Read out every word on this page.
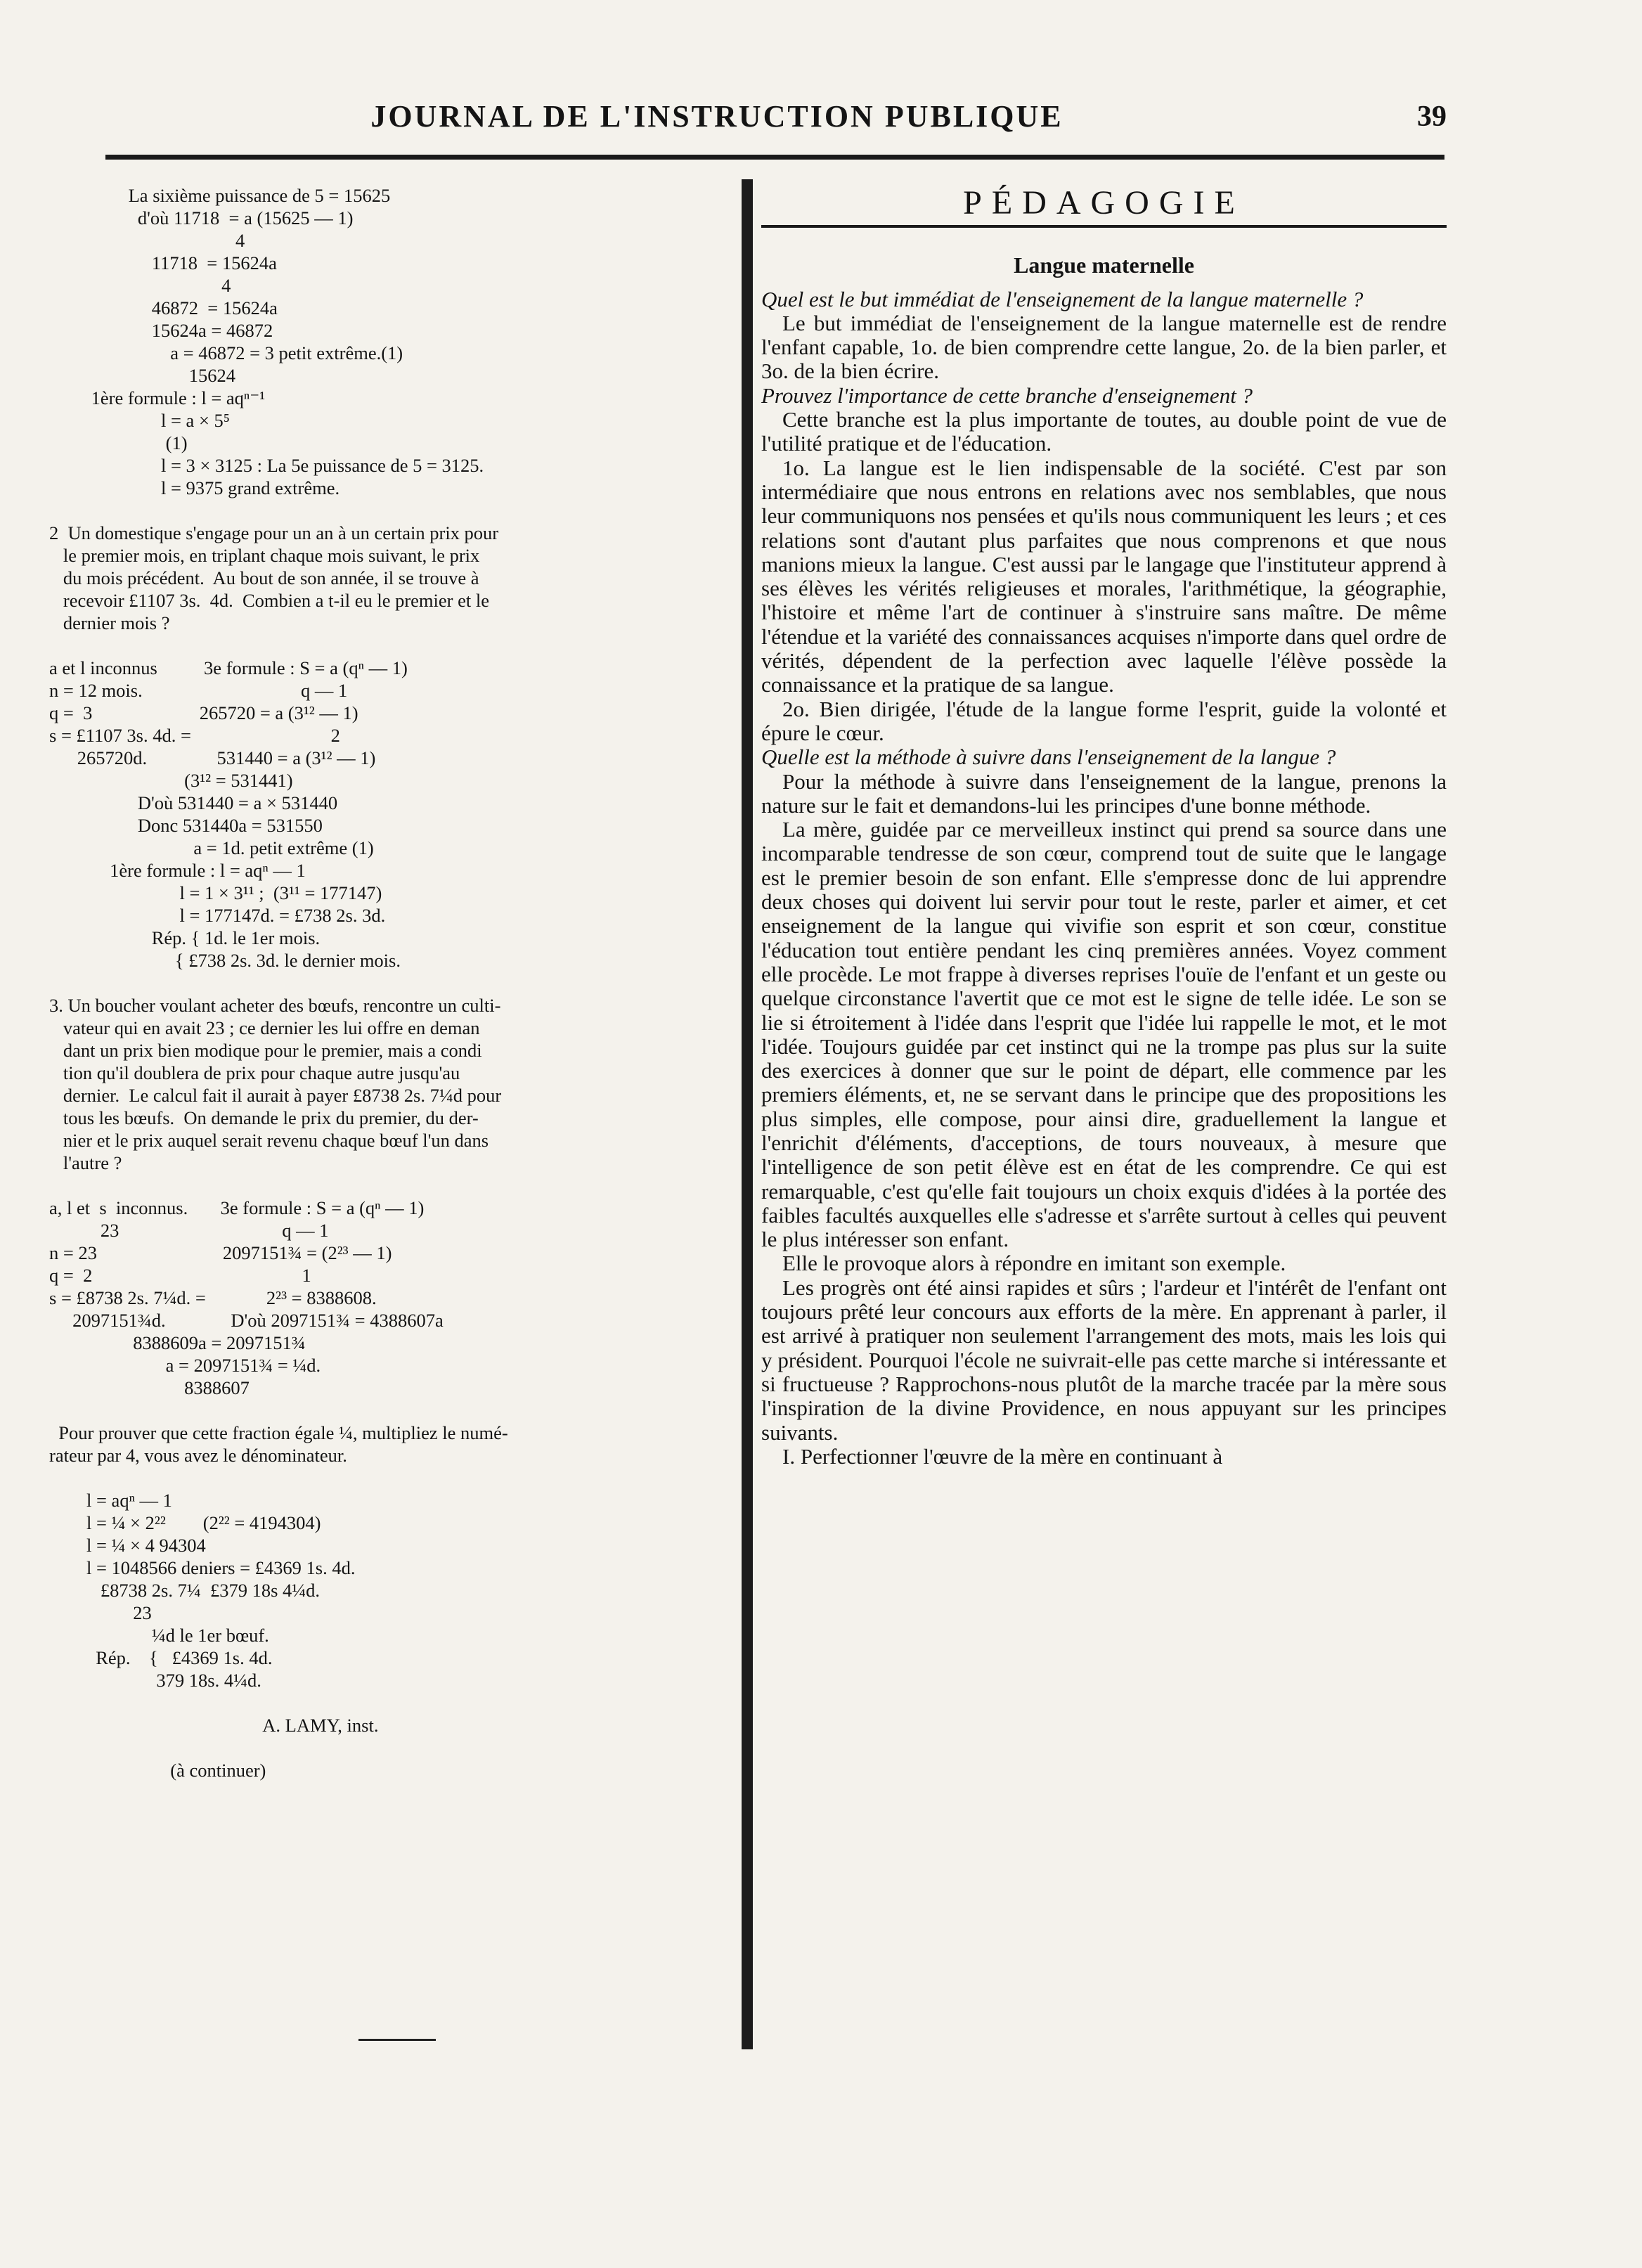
JOURNAL DE L'INSTRUCTION PUBLIQUE	39
La sixième puissance de 5 = 15625
d'où 11718  = a (15625 — 1)
4
11718  = 15624a
4
46872  = 15624a
15624a = 46872
a = 46872 = 3 petit extrême.(1)
15624
1ère formule : l = aqⁿ⁻¹
l = a × 5⁵
(1)
l = 3 × 3125 : La 5e puissance de 5 = 3125.
l = 9375 grand extrême.
2  Un domestique s'engage pour un an à un certain prix pour
le premier mois, en triplant chaque mois suivant, le prix
du mois précédent.  Au bout de son année, il se trouve à
recevoir £1107 3s.  4d.  Combien a t-il eu le premier et le
dernier mois ?
a et l inconnus          3e formule : S = a (qⁿ — 1)
n = 12 mois.                                  q — 1
q =  3                       265720 = a (3¹² — 1)
s = £1107 3s. 4d. =                              2
265720d.               531440 = a (3¹² — 1)
(3¹² = 531441)
D'où 531440 = a × 531440
Donc 531440a = 531550
a = 1d. petit extrême (1)
1ère formule : l = aqⁿ — 1
l = 1 × 3¹¹ ;  (3¹¹ = 177147)
l = 177147d. = £738 2s. 3d.
Rép. { 1d. le 1er mois.
{ £738 2s. 3d. le dernier mois.
3. Un boucher voulant acheter des bœufs, rencontre un culti-
vateur qui en avait 23 ; ce dernier les lui offre en deman
dant un prix bien modique pour le premier, mais a condi
tion qu'il doublera de prix pour chaque autre jusqu'au
dernier.  Le calcul fait il aurait à payer £8738 2s. 7¼d pour
tous les bœufs.  On demande le prix du premier, du der-
nier et le prix auquel serait revenu chaque bœuf l'un dans
l'autre ?
a, l et  s  inconnus.       3e formule : S = a (qⁿ — 1)
23                                   q — 1
n = 23                           2097151¾ = (2²³ — 1)
q =  2                                             1
s = £8738 2s. 7¼d. =             2²³ = 8388608.
2097151¾d.              D'où 2097151¾ = 4388607a
8388609a = 2097151¾
a = 2097151¾ = ¼d.
8388607
Pour prouver que cette fraction égale ¼, multipliez le numé-
rateur par 4, vous avez le dénominateur.
l = aqⁿ — 1
l = ¼ × 2²²        (2²² = 4194304)
l = ¼ × 4 94304
l = 1048566 deniers = £4369 1s. 4d.
£8738 2s. 7¼  £379 18s 4¼d.
23
¼d le 1er bœuf.
Rép.    {   £4369 1s. 4d.
379 18s. 4¼d.
A. LAMY, inst.
(à continuer)
PÉDAGOGIE
Langue maternelle

Quel est le but immédiat de l'enseignement de la langue maternelle ?

Le but immédiat de l'enseignement de la langue maternelle est de rendre l'enfant capable, 1o. de bien comprendre cette langue, 2o. de la bien parler, et 3o. de la bien écrire.

Prouvez l'importance de cette branche d'enseignement ?

Cette branche est la plus importante de toutes, au double point de vue de l'utilité pratique et de l'éducation.

1o. La langue est le lien indispensable de la société. C'est par son intermédiaire que nous entrons en relations avec nos semblables, que nous leur communiquons nos pensées et qu'ils nous communiquent les leurs ; et ces relations sont d'autant plus parfaites que nous comprenons et que nous manions mieux la langue. C'est aussi par le langage que l'instituteur apprend à ses élèves les vérités religieuses et morales, l'arithmétique, la géographie, l'histoire et même l'art de continuer à s'instruire sans maître. De même l'étendue et la variété des connaissances acquises n'importe dans quel ordre de vérités, dépendent de la perfection avec laquelle l'élève possède la connaissance et la pratique de sa langue.

2o. Bien dirigée, l'étude de la langue forme l'esprit, guide la volonté et épure le cœur.

Quelle est la méthode à suivre dans l'enseignement de la langue ?

Pour la méthode à suivre dans l'enseignement de la langue, prenons la nature sur le fait et demandons-lui les principes d'une bonne méthode.

La mère, guidée par ce merveilleux instinct qui prend sa source dans une incomparable tendresse de son cœur, comprend tout de suite que le langage est le premier besoin de son enfant. Elle s'empresse donc de lui apprendre deux choses qui doivent lui servir pour tout le reste, parler et aimer, et cet enseignement de la langue qui vivifie son esprit et son cœur, constitue l'éducation tout entière pendant les cinq premières années. Voyez comment elle procède. Le mot frappe à diverses reprises l'ouïe de l'enfant et un geste ou quelque circonstance l'avertit que ce mot est le signe de telle idée. Le son se lie si étroitement à l'idée dans l'esprit que l'idée lui rappelle le mot, et le mot l'idée. Toujours guidée par cet instinct qui ne la trompe pas plus sur la suite des exercices à donner que sur le point de départ, elle commence par les premiers éléments, et, ne se servant dans le principe que des propositions les plus simples, elle compose, pour ainsi dire, graduellement la langue et l'enrichit d'éléments, d'acceptions, de tours nouveaux, à mesure que l'intelligence de son petit élève est en état de les comprendre. Ce qui est remarquable, c'est qu'elle fait toujours un choix exquis d'idées à la portée des faibles facultés auxquelles elle s'adresse et s'arrête surtout à celles qui peuvent le plus intéresser son enfant.

Elle le provoque alors à répondre en imitant son exemple.

Les progrès ont été ainsi rapides et sûrs ; l'ardeur et l'intérêt de l'enfant ont toujours prêté leur concours aux efforts de la mère. En apprenant à parler, il est arrivé à pratiquer non seulement l'arrangement des mots, mais les lois qui y président. Pourquoi l'école ne suivrait-elle pas cette marche si intéressante et si fructueuse ? Rapprochons-nous plutôt de la marche tracée par la mère sous l'inspiration de la divine Providence, en nous appuyant sur les principes suivants.

I. Perfectionner l'œuvre de la mère en continuant à
